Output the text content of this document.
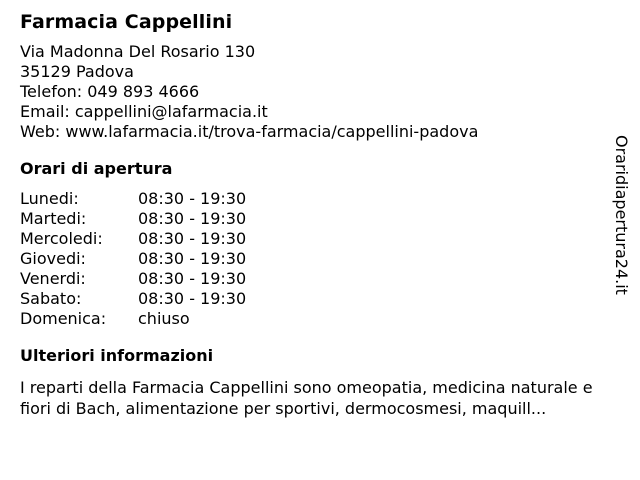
Farmacia Cappellini
Via Madonna Del Rosario 130
35129 Padova
Telefon: 049 893 4666
Email: cappellini@lafarmacia.it
Web: www.lafarmacia.it/trova-farmacia/cappellini-padova
Orari di apertura
Lunedi:	08:30 - 19:30
Martedi:	08:30 - 19:30
Mercoledi:	08:30 - 19:30
Giovedi:	08:30 - 19:30
Venerdi:	08:30 - 19:30
Sabato:	08:30 - 19:30
Domenica:	chiuso
Ulteriori informazioni
I reparti della Farmacia Cappellini sono omeopatia, medicina naturale e fiori di Bach, alimentazione per sportivi, dermocosmesi, maquill...
Oraridiapertura24.it
